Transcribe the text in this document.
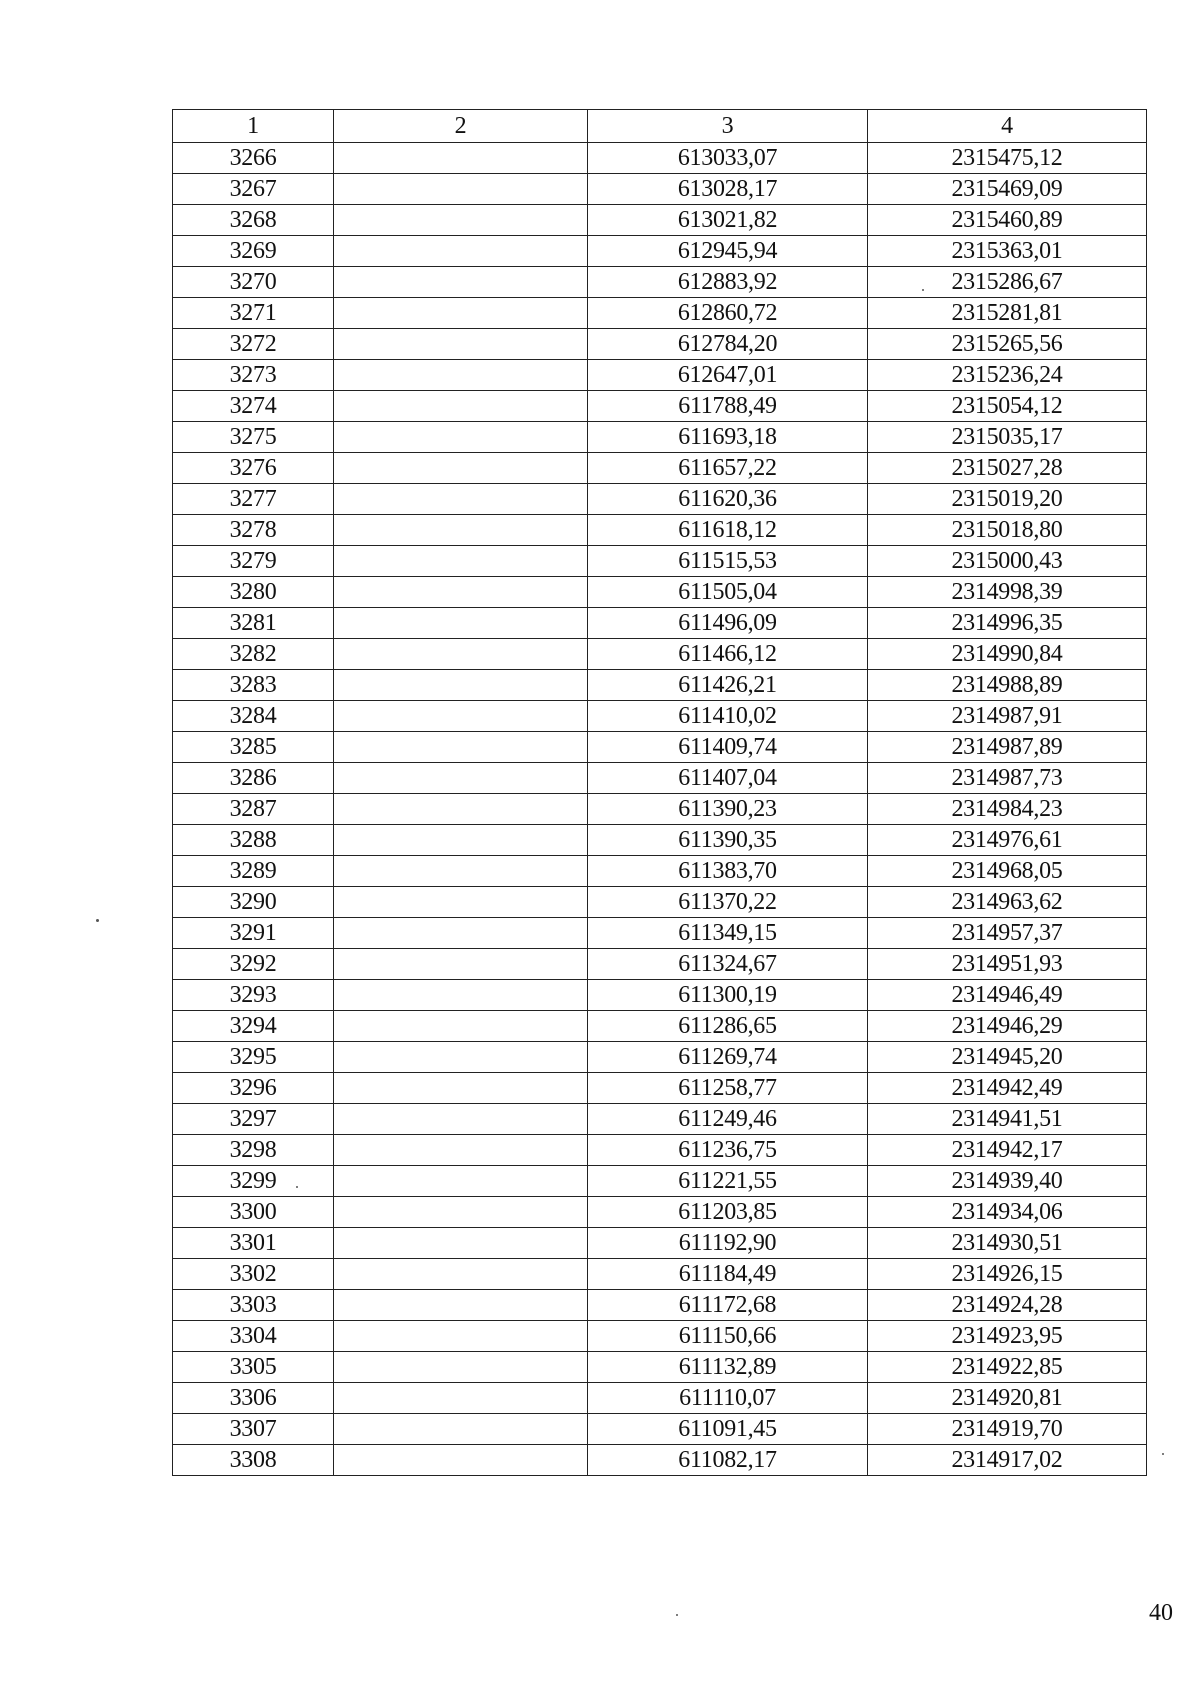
1	2	3	4
3266		613033,07	2315475,12
3267		613028,17	2315469,09
3268		613021,82	2315460,89
3269		612945,94	2315363,01
3270		612883,92	2315286,67
3271		612860,72	2315281,81
3272		612784,20	2315265,56
3273		612647,01	2315236,24
3274		611788,49	2315054,12
3275		611693,18	2315035,17
3276		611657,22	2315027,28
3277		611620,36	2315019,20
3278		611618,12	2315018,80
3279		611515,53	2315000,43
3280		611505,04	2314998,39
3281		611496,09	2314996,35
3282		611466,12	2314990,84
3283		611426,21	2314988,89
3284		611410,02	2314987,91
3285		611409,74	2314987,89
3286		611407,04	2314987,73
3287		611390,23	2314984,23
3288		611390,35	2314976,61
3289		611383,70	2314968,05
3290		611370,22	2314963,62
3291		611349,15	2314957,37
3292		611324,67	2314951,93
3293		611300,19	2314946,49
3294		611286,65	2314946,29
3295		611269,74	2314945,20
3296		611258,77	2314942,49
3297		611249,46	2314941,51
3298		611236,75	2314942,17
3299		611221,55	2314939,40
3300		611203,85	2314934,06
3301		611192,90	2314930,51
3302		611184,49	2314926,15
3303		611172,68	2314924,28
3304		611150,66	2314923,95
3305		611132,89	2314922,85
3306		611110,07	2314920,81
3307		611091,45	2314919,70
3308		611082,17	2314917,02
40
